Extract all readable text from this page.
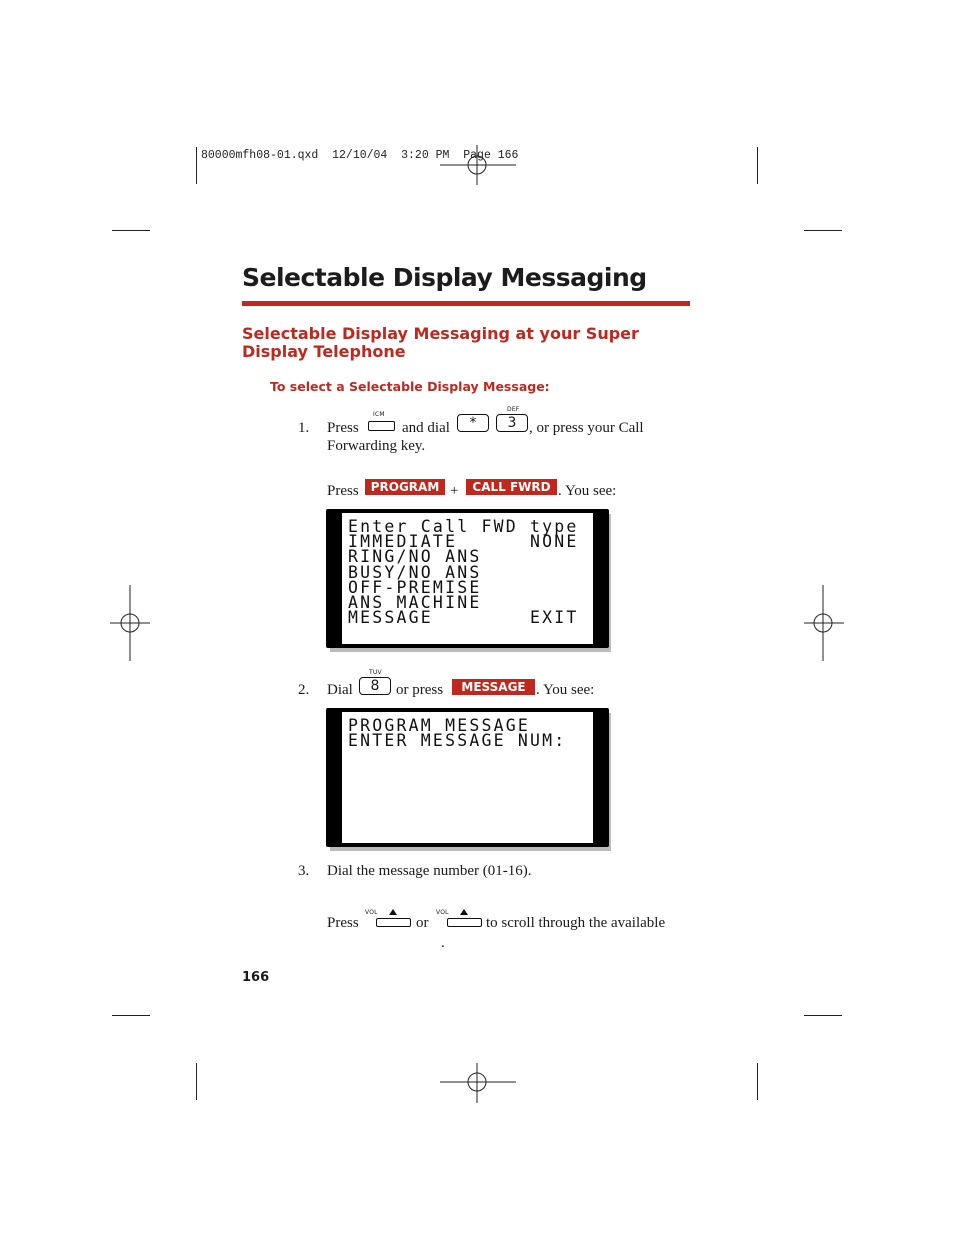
80000mfh08-01.qxd  12/10/04  3:20 PM  Page 166
Selectable Display Messaging
Selectable Display Messaging at your Super Display Telephone
To select a Selectable Display Message:
1. Press
ICM
and dial	*
DEF
3 , or press your Call
Forwarding key.
Press	PROGRAM +	CALL FWRD . You see:
Enter Call FWD type
IMMEDIATE      NONE
RING/NO ANS
BUSY/NO ANS
OFF-PREMISE
ANS MACHINE
MESSAGE        EXIT
2. Dial
TUV
8	or press	MESSAGE . You see:
PROGRAM MESSAGE
ENTER MESSAGE NUM:
3. Dial the message number (01-16).
Press
VOL
or
VOL
to scroll through the available
.
166
